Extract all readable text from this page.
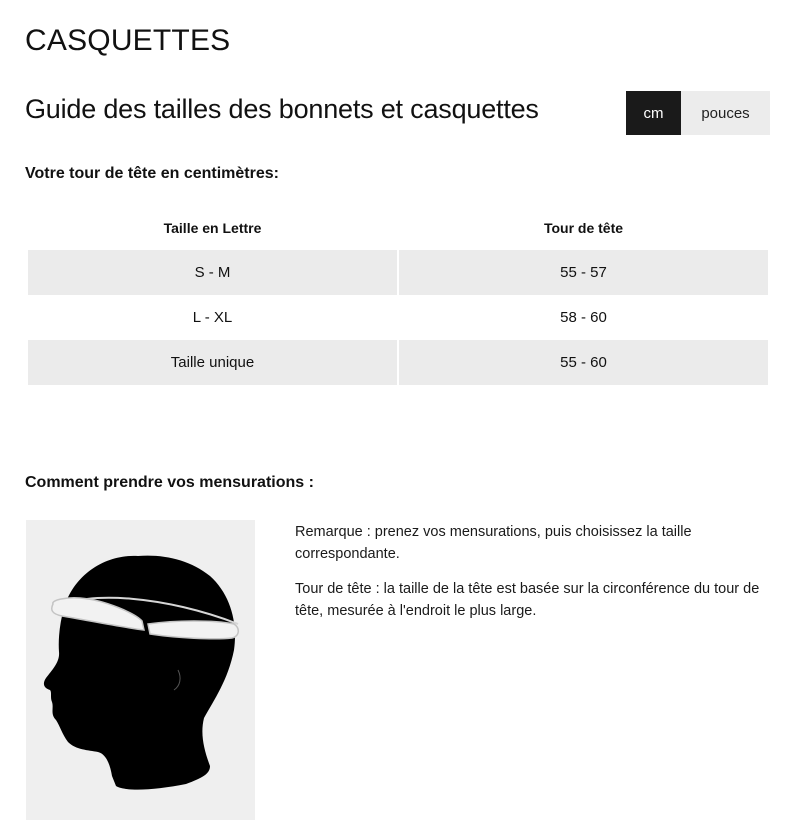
CASQUETTES
Guide des tailles des bonnets et casquettes	cm	pouces
Votre tour de tête en centimètres:
Taille en Lettre	Tour de tête
S - M	55 - 57
L - XL	58 - 60
Taille unique	55 - 60
Comment prendre vos mensurations :

Remarque : prenez vos mensurations, puis choisissez la taille correspondante.

Tour de tête : la taille de la tête est basée sur la circonférence du tour de tête, mesurée à l'endroit le plus large.
